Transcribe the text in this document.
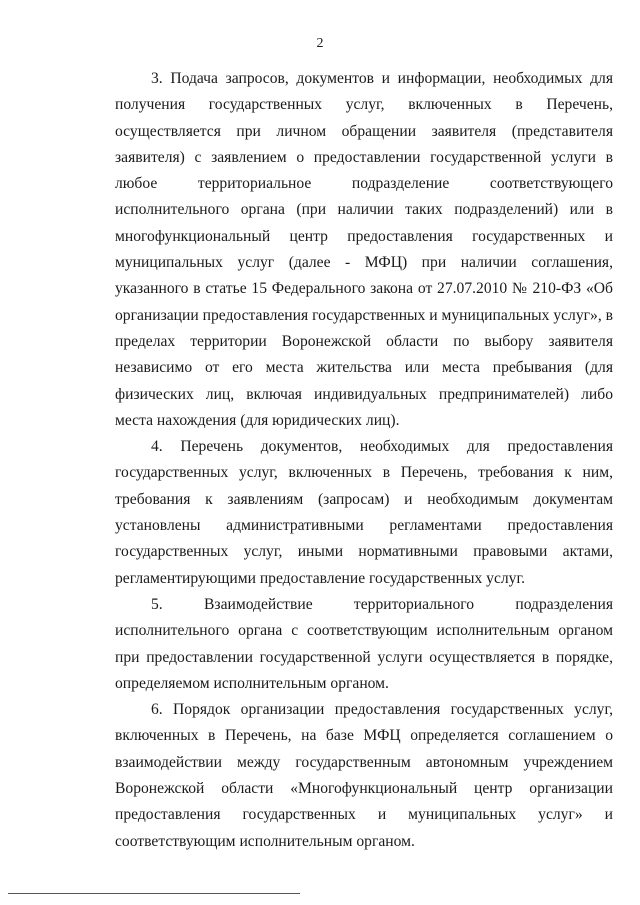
2

3. Подача запросов, документов и информации, необходимых для получения государственных услуг, включенных в Перечень, осуществляется при личном обращении заявителя (представителя заявителя) с заявлением о предоставлении государственной услуги в любое территориальное подразделение соответствующего исполнительного органа (при наличии таких подразделений) или в многофункциональный центр предоставления государственных и муниципальных услуг (далее - МФЦ) при наличии соглашения, указанного в статье 15 Федерального закона от 27.07.2010 № 210-ФЗ «Об организации предоставления государственных и муниципальных услуг», в пределах территории Воронежской области по выбору заявителя независимо от его места жительства или места пребывания (для физических лиц, включая индивидуальных предпринимателей) либо места нахождения (для юридических лиц).

4. Перечень документов, необходимых для предоставления государственных услуг, включенных в Перечень, требования к ним, требования к заявлениям (запросам) и необходимым документам установлены административными регламентами предоставления государственных услуг, иными нормативными правовыми актами, регламентирующими предоставление государственных услуг.

5. Взаимодействие территориального подразделения исполнительного органа с соответствующим исполнительным органом при предоставлении государственной услуги осуществляется в порядке, определяемом исполнительным органом.

6. Порядок организации предоставления государственных услуг, включенных в Перечень, на базе МФЦ определяется соглашением о взаимодействии между государственным автономным учреждением Воронежской области «Многофункциональный центр организации предоставления государственных и муниципальных услуг» и соответствующим исполнительным органом.
